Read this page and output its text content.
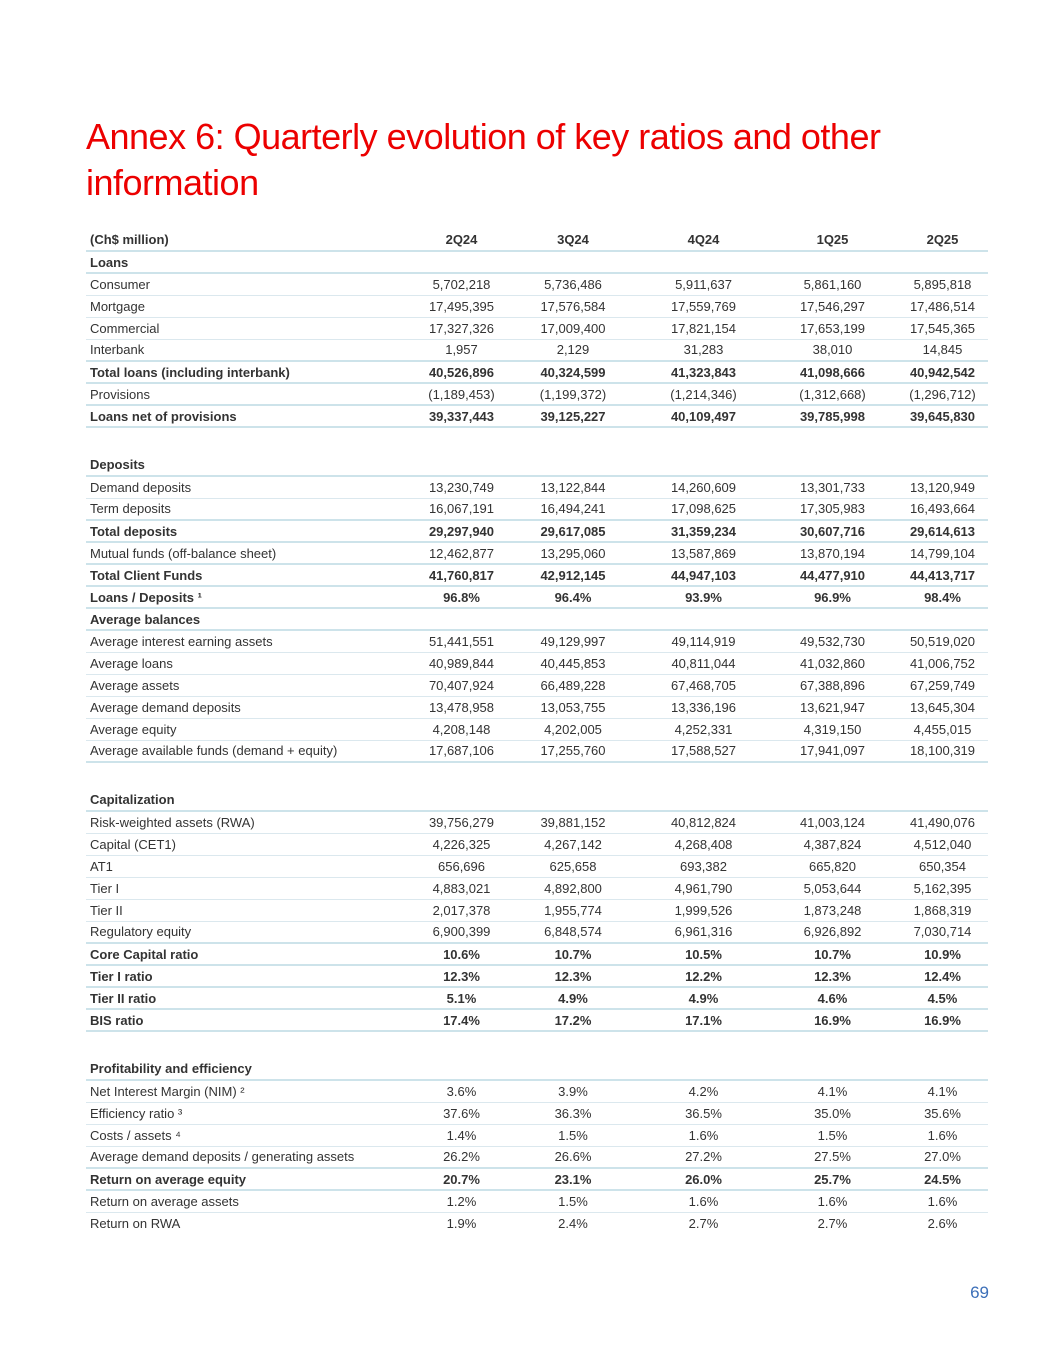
Annex 6: Quarterly evolution of key ratios and other information
(Ch$ million)	2Q24	3Q24	4Q24	1Q25	2Q25
Loans					
Consumer	5,702,218	5,736,486	5,911,637	5,861,160	5,895,818
Mortgage	17,495,395	17,576,584	17,559,769	17,546,297	17,486,514
Commercial	17,327,326	17,009,400	17,821,154	17,653,199	17,545,365
Interbank	1,957	2,129	31,283	38,010	14,845
Total loans (including interbank)	40,526,896	40,324,599	41,323,843	41,098,666	40,942,542
Provisions	(1,189,453)	(1,199,372)	(1,214,346)	(1,312,668)	(1,296,712)
Loans net of provisions	39,337,443	39,125,227	40,109,497	39,785,998	39,645,830

Deposits					
Demand deposits	13,230,749	13,122,844	14,260,609	13,301,733	13,120,949
Term deposits	16,067,191	16,494,241	17,098,625	17,305,983	16,493,664
Total deposits	29,297,940	29,617,085	31,359,234	30,607,716	29,614,613
Mutual funds (off-balance sheet)	12,462,877	13,295,060	13,587,869	13,870,194	14,799,104
Total Client Funds	41,760,817	42,912,145	44,947,103	44,477,910	44,413,717
Loans / Deposits ¹	96.8%	96.4%	93.9%	96.9%	98.4%
Average balances					
Average interest earning assets	51,441,551	49,129,997	49,114,919	49,532,730	50,519,020
Average loans	40,989,844	40,445,853	40,811,044	41,032,860	41,006,752
Average assets	70,407,924	66,489,228	67,468,705	67,388,896	67,259,749
Average demand deposits	13,478,958	13,053,755	13,336,196	13,621,947	13,645,304
Average equity	4,208,148	4,202,005	4,252,331	4,319,150	4,455,015
Average available funds (demand + equity)	17,687,106	17,255,760	17,588,527	17,941,097	18,100,319

Capitalization					
Risk-weighted assets (RWA)	39,756,279	39,881,152	40,812,824	41,003,124	41,490,076
Capital (CET1)	4,226,325	4,267,142	4,268,408	4,387,824	4,512,040
AT1	656,696	625,658	693,382	665,820	650,354
Tier I	4,883,021	4,892,800	4,961,790	5,053,644	5,162,395
Tier II	2,017,378	1,955,774	1,999,526	1,873,248	1,868,319
Regulatory equity	6,900,399	6,848,574	6,961,316	6,926,892	7,030,714
Core Capital ratio	10.6%	10.7%	10.5%	10.7%	10.9%
Tier I ratio	12.3%	12.3%	12.2%	12.3%	12.4%
Tier II ratio	5.1%	4.9%	4.9%	4.6%	4.5%
BIS ratio	17.4%	17.2%	17.1%	16.9%	16.9%

Profitability and efficiency					
Net Interest Margin (NIM) ²	3.6%	3.9%	4.2%	4.1%	4.1%
Efficiency ratio ³	37.6%	36.3%	36.5%	35.0%	35.6%
Costs / assets ⁴	1.4%	1.5%	1.6%	1.5%	1.6%
Average demand deposits / generating assets	26.2%	26.6%	27.2%	27.5%	27.0%
Return on average equity	20.7%	23.1%	26.0%	25.7%	24.5%
Return on average assets	1.2%	1.5%	1.6%	1.6%	1.6%
Return on RWA	1.9%	2.4%	2.7%	2.7%	2.6%
69
